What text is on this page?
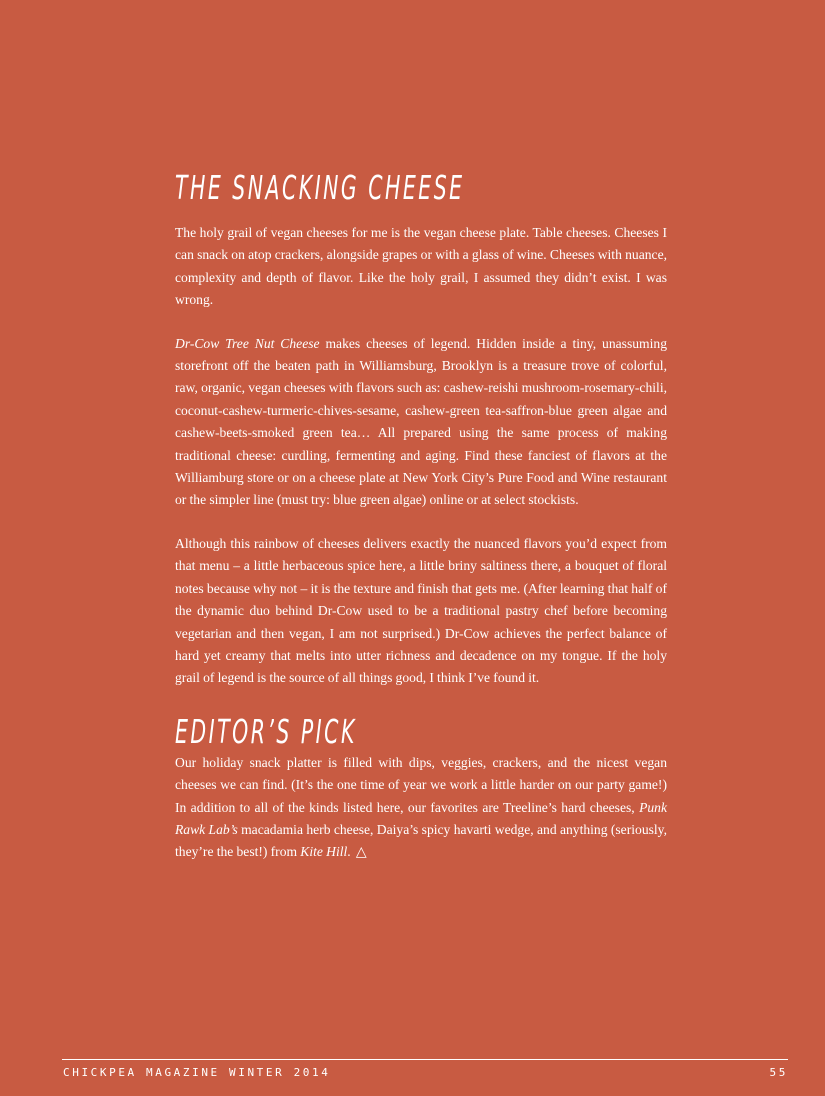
THE SNACKING CHEESE

The holy grail of vegan cheeses for me is the vegan cheese plate. Table cheeses. Cheeses I can snack on atop crackers, alongside grapes or with a glass of wine. Cheeses with nuance, complexity and depth of flavor. Like the holy grail, I assumed they didn’t exist. I was wrong.

Dr-Cow Tree Nut Cheese makes cheeses of legend. Hidden inside a tiny, unassuming storefront off the beaten path in Williamsburg, Brooklyn is a treasure trove of colorful, raw, organic, vegan cheeses with flavors such as: cashew-reishi mushroom-rosemary-chili, coconut-cashew-turmeric-chives-sesame, cashew-green tea-saffron-blue green algae and cashew-beets-smoked green tea… All prepared using the same process of making traditional cheese: curdling, fermenting and aging. Find these fanciest of flavors at the Williamburg store or on a cheese plate at New York City’s Pure Food and Wine restaurant or the simpler line (must try: blue green algae) online or at select stockists.

Although this rainbow of cheeses delivers exactly the nuanced flavors you’d expect from that menu – a little herbaceous spice here, a little briny saltiness there, a bouquet of floral notes because why not – it is the texture and finish that gets me. (After learning that half of the dynamic duo behind Dr-Cow used to be a traditional pastry chef before becoming vegetarian and then vegan, I am not surprised.) Dr-Cow achieves the perfect balance of hard yet creamy that melts into utter richness and decadence on my tongue. If the holy grail of legend is the source of all things good, I think I’ve found it.

EDITOR’S PICK

Our holiday snack platter is filled with dips, veggies, crackers, and the nicest vegan cheeses we can find. (It’s the one time of year we work a little harder on our party game!) In addition to all of the kinds listed here, our favorites are Treeline’s hard cheeses, Punk Rawk Lab’s macadamia herb cheese, Daiya’s spicy havarti wedge, and anything (seriously, they’re the best!) from Kite Hill. △

CHICKPEA MAGAZINE WINTER 2014	55
